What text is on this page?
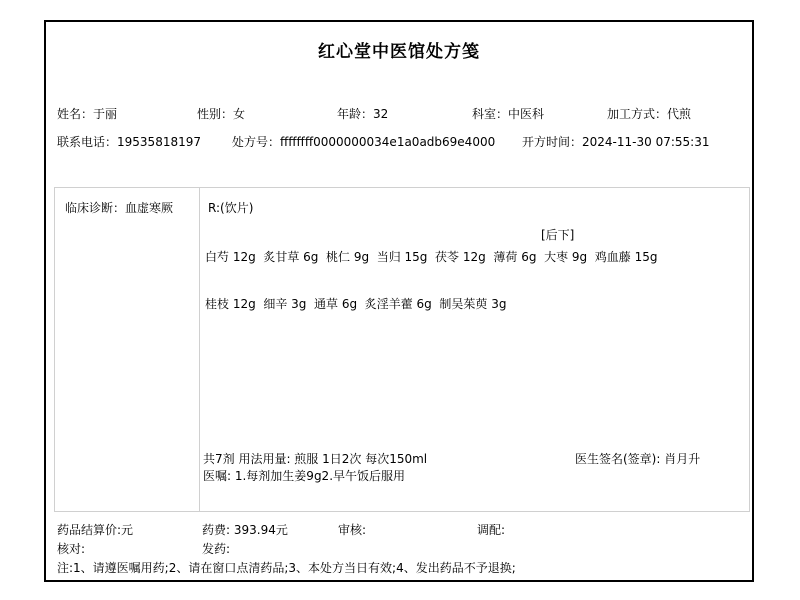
红心堂中医馆处方笺
姓名：于丽	性别：女	年龄：32	科室：中医科	加工方式：代煎
联系电话：19535818197	处方号：ffffffff0000000034e1a0adb69e4000 开方时间：2024-11-30 07:55:31
临床诊断：血虚寒厥	R:(饮片)
[后下]
白芍 12g  炙甘草 6g  桃仁 9g  当归 15g  茯苓 12g  薄荷 6g  大枣 9g  鸡血藤 15g
桂枝 12g  细辛 3g  通草 6g  炙淫羊藿 6g  制吴茱萸 3g
共7剂 用法用量: 煎服 1日2次 每次150ml
医嘱: 1.每剂加生姜9g2.早午饭后服用
医生签名(签章): 肖月升
药品结算价:元	药费: 393.94元	审核:	调配:
核对:	发药:
注:1、请遵医嘱用药;2、请在窗口点清药品;3、本处方当日有效;4、发出药品不予退换;
